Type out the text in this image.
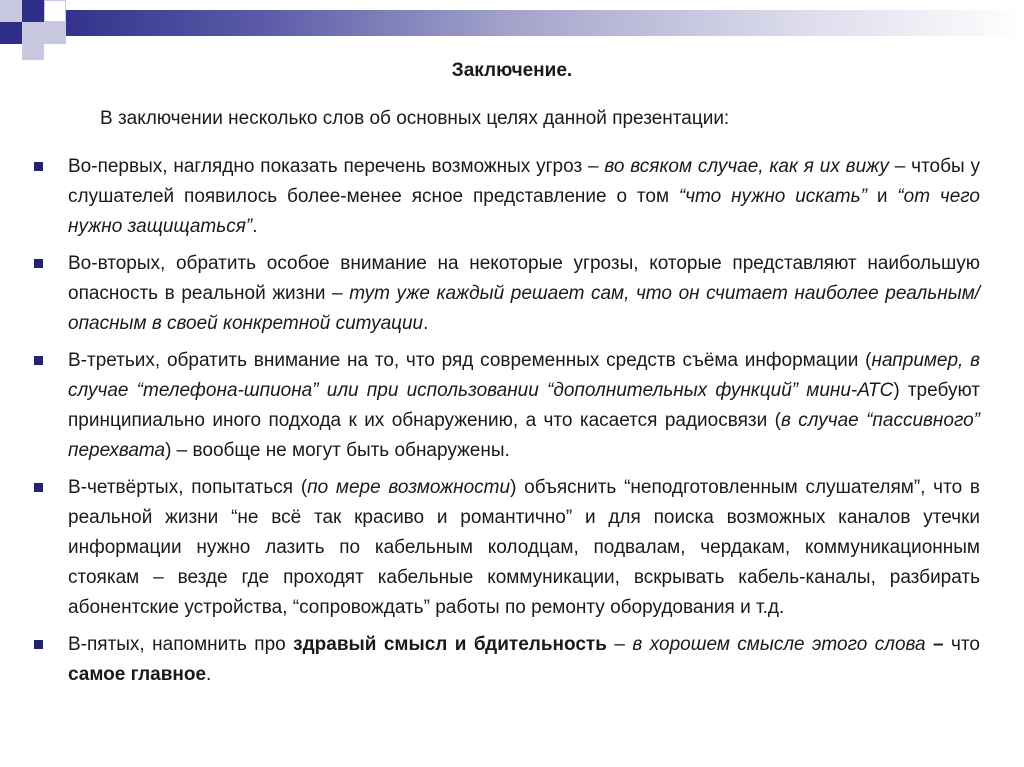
Заключение.
В заключении несколько слов об основных целях данной презентации:
Во-первых, наглядно показать перечень возможных угроз – во всяком случае, как я их вижу – чтобы у слушателей появилось более-менее ясное представление о том “что нужно искать” и “от чего нужно защищаться”.
Во-вторых, обратить особое внимание на некоторые угрозы, которые представляют наибольшую опасность в реальной жизни – тут уже каждый решает сам, что он считает наиболее реальным/опасным в своей конкретной ситуации.
В-третьих, обратить внимание на то, что ряд современных средств съёма информации (например, в случае “телефона-шпиона” или при использовании “дополнительных функций” мини-АТС) требуют принципиально иного подхода к их обнаружению, а что касается радиосвязи (в случае “пассивного” перехвата) – вообще не могут быть обнаружены.
В-четвёртых, попытаться (по мере возможности) объяснить “неподготовленным слушателям”, что в реальной жизни “не всё так красиво и романтично” и для поиска возможных каналов утечки информации нужно лазить по кабельным колодцам, подвалам, чердакам, коммуникационным стоякам – везде где проходят кабельные коммуникации, вскрывать кабель-каналы, разбирать абонентские устройства, “сопровождать” работы по ремонту оборудования и т.д.
В-пятых, напомнить про здравый смысл и бдительность – в хорошем смысле этого слова – что самое главное.
